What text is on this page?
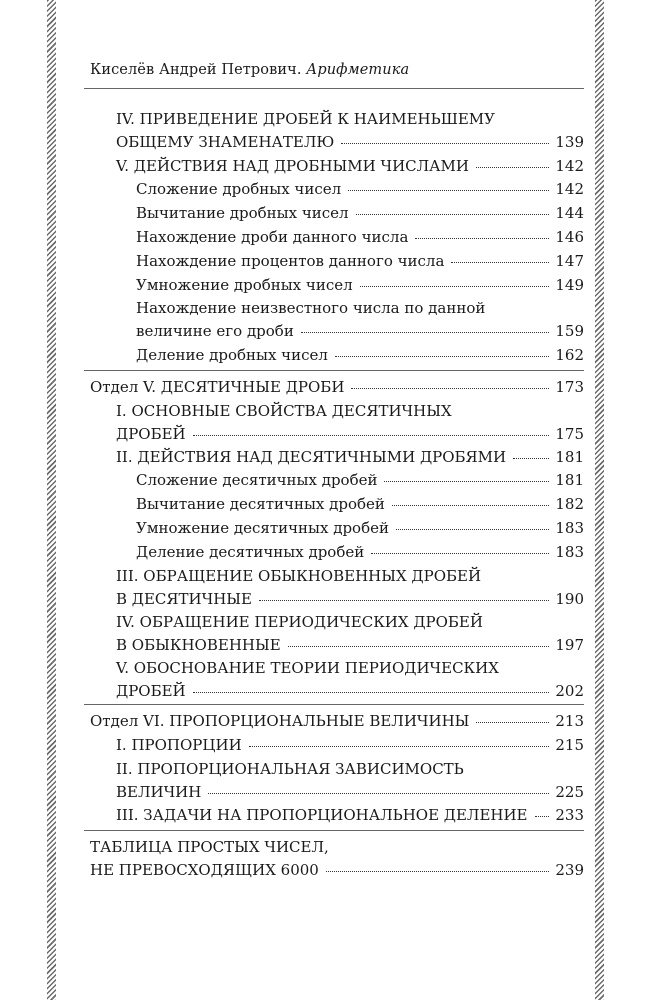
Киселёв Андрей Петрович. Арифметика
IV. ПРИВЕДЕНИЕ ДРОБЕЙ К НАИМЕНЬШЕМУ
ОБЩЕМУ ЗНАМЕНАТЕЛЮ	139
V. ДЕЙСТВИЯ НАД ДРОБНЫМИ ЧИСЛАМИ	142
Сложение дробных чисел	142
Вычитание дробных чисел	144
Нахождение дроби данного числа	146
Нахождение процентов данного числа	147
Умножение дробных чисел	149
Нахождение неизвестного числа по данной
величине его дроби	159
Деление дробных чисел	162
Отдел V. ДЕСЯТИЧНЫЕ ДРОБИ	173
I. ОСНОВНЫЕ СВОЙСТВА ДЕСЯТИЧНЫХ
ДРОБЕЙ	175
II. ДЕЙСТВИЯ НАД ДЕСЯТИЧНЫМИ ДРОБЯМИ	181
Сложение десятичных дробей	181
Вычитание десятичных дробей	182
Умножение десятичных дробей	183
Деление десятичных дробей	183
III. ОБРАЩЕНИЕ ОБЫКНОВЕННЫХ ДРОБЕЙ
В ДЕСЯТИЧНЫЕ	190
IV. ОБРАЩЕНИЕ ПЕРИОДИЧЕСКИХ ДРОБЕЙ
В ОБЫКНОВЕННЫЕ	197
V. ОБОСНОВАНИЕ ТЕОРИИ ПЕРИОДИЧЕСКИХ
ДРОБЕЙ	202
Отдел VI. ПРОПОРЦИОНАЛЬНЫЕ ВЕЛИЧИНЫ	213
I. ПРОПОРЦИИ	215
II. ПРОПОРЦИОНАЛЬНАЯ ЗАВИСИМОСТЬ
ВЕЛИЧИН	225
III. ЗАДАЧИ НА ПРОПОРЦИОНАЛЬНОЕ ДЕЛЕНИЕ 233
ТАБЛИЦА ПРОСТЫХ ЧИСЕЛ,
НЕ ПРЕВОСХОДЯЩИХ 6000	239
